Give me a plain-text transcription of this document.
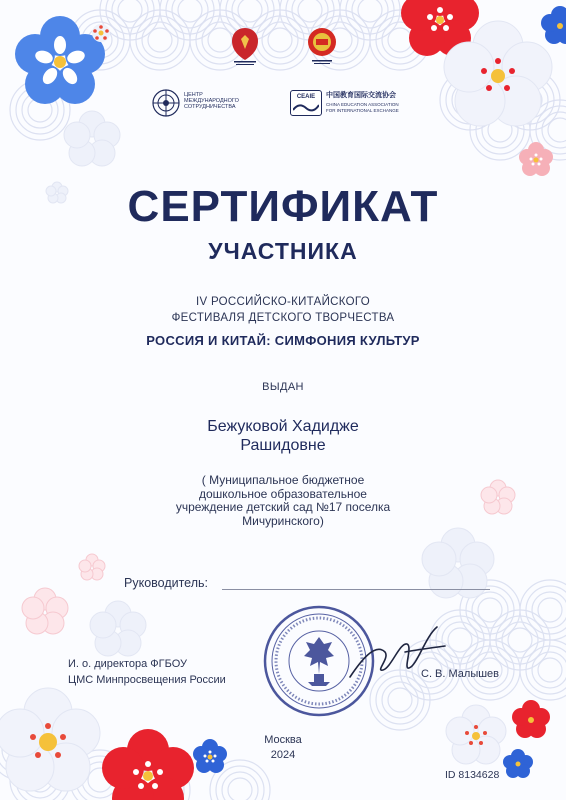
ЦЕНТР
МЕЖДУНАРОДНОГО
СОТРУДНИЧЕСТВА
CEAIE	中国教育国际交流协会
CHINA EDUCATION ASSOCIATION
FOR INTERNATIONAL EXCHANGE
СЕРТИФИКАТ
УЧАСТНИКА
IV РОССИЙСКО-КИТАЙСКОГО
ФЕСТИВАЛЯ ДЕТСКОГО ТВОРЧЕСТВА
РОССИЯ И КИТАЙ: СИМФОНИЯ КУЛЬТУР
ВЫДАН
Бежуковой Хадидже
Рашидовне
( Муниципальное бюджетное
дошкольное образовательное
учреждение детский сад №17 поселка
Мичуринского)
Руководитель:
И. о. директора ФГБОУ
ЦМС Минпросвещения России	С. В. Малышев
Москва
2024
ID 8134628
